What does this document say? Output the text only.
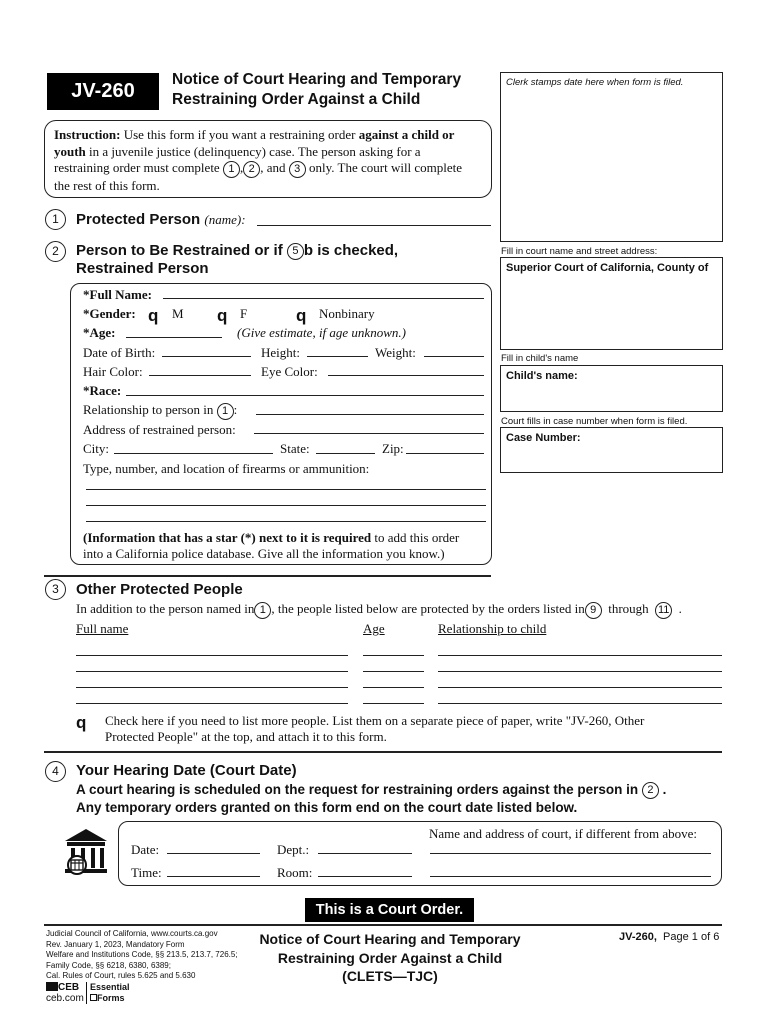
JV-260
Notice of Court Hearing and Temporary
Restraining Order Against a Child
Clerk stamps date here when form is filed.
Instruction: Use this form if you want a restraining order against a child or
youth in a juvenile justice (delinquency) case. The person asking for a
restraining order must complete 1 , 2 , and 3 only. The court will complete
the rest of this form.
Fill in court name and street address:
Superior Court of California, County of
Fill in child's name
Child's name:
Court fills in case number when form is filed.
Case Number:
1	Protected Person (name):
2	Person to Be Restrained or if 5 b is checked,
Restrained Person
*Full Name:
*Gender: q M q F	q Nonbinary
*Age:	(Give estimate, if age unknown.)
Date of Birth:	Height:	Weight:
Hair Color:	Eye Color:
*Race:
Relationship to person in 1 :
Address of restrained person:
City:	State:	Zip:
Type, number, and location of firearms or ammunition:
(Information that has a star (*) next to it is required to add this order
into a California police database. Give all the information you know.)
3	Other Protected People
In addition to the person named in 1 , the people listed below are protected by the orders listed in 9 through 11 .
Full name	Age	Relationship to child
q Check here if you need to list more people. List them on a separate piece of paper, write "JV-260, Other
Protected People" at the top, and attach it to this form.
4	Your Hearing Date (Court Date)
A court hearing is scheduled on the request for restraining orders against the person in 2 .
Any temporary orders granted on this form end on the court date listed below.
Date:	Dept.:
Time:	Room:
Name and address of court, if different from above:
This is a Court Order.
Judicial Council of California, www.courts.ca.gov
Rev. January 1, 2023, Mandatory Form
Welfare and Institutions Code, §§ 213.5, 213.7, 726.5;
Family Code, §§ 6218, 6380, 6389;
Cal. Rules of Court, rules 5.625 and 5.630
CEB
ceb.com
Essential
Forms
Notice of Court Hearing and Temporary
Restraining Order Against a Child
(CLETS—TJC)
JV-260, Page 1 of 6
